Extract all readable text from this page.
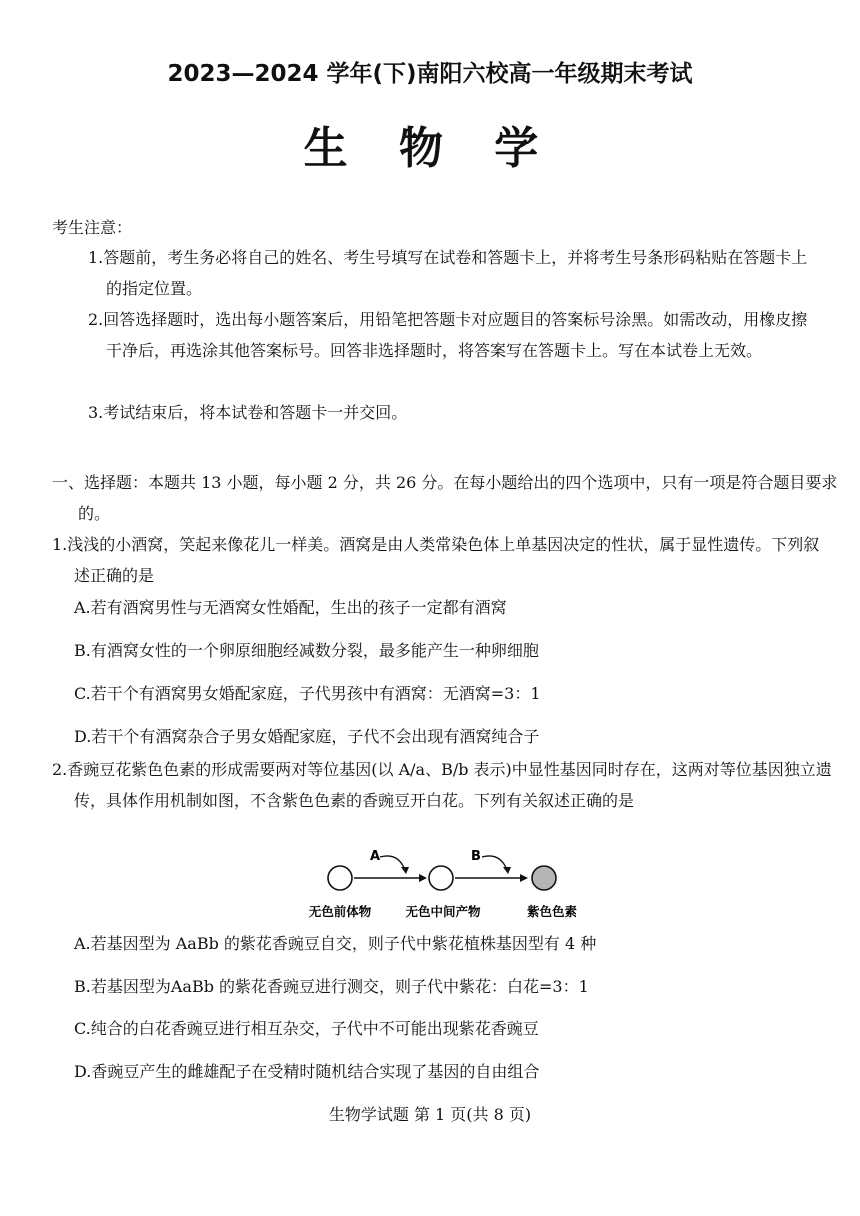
2023—2024 学年(下)南阳六校高一年级期末考试
生 物 学
考生注意：
1.答题前，考生务必将自己的姓名、考生号填写在试卷和答题卡上，并将考生号条形码粘贴在答题卡上的指定位置。
2.回答选择题时，选出每小题答案后，用铅笔把答题卡对应题目的答案标号涂黑。如需改动，用橡皮擦干净后，再选涂其他答案标号。回答非选择题时，将答案写在答题卡上。写在本试卷上无效。
3.考试结束后，将本试卷和答题卡一并交回。
一、选择题：本题共 13 小题，每小题 2 分，共 26 分。在每小题给出的四个选项中，只有一项是符合题目要求的。
1.浅浅的小酒窝，笑起来像花儿一样美。酒窝是由人类常染色体上单基因决定的性状，属于显性遗传。下列叙述正确的是
A.若有酒窝男性与无酒窝女性婚配，生出的孩子一定都有酒窝
B.有酒窝女性的一个卵原细胞经减数分裂，最多能产生一种卵细胞
C.若干个有酒窝男女婚配家庭，子代男孩中有酒窝：无酒窝=3：1
D.若干个有酒窝杂合子男女婚配家庭，子代不会出现有酒窝纯合子
2.香豌豆花紫色色素的形成需要两对等位基因(以 A/a、B/b 表示)中显性基因同时存在，这两对等位基因独立遗传，具体作用机制如图，不含紫色色素的香豌豆开白花。下列有关叙述正确的是
A	B
无色前体物	无色中间产物	紫色色素
A.若基因型为 AaBb 的紫花香豌豆自交，则子代中紫花植株基因型有 4 种
B.若基因型为AaBb 的紫花香豌豆进行测交，则子代中紫花：白花=3：1
C.纯合的白花香豌豆进行相互杂交，子代中不可能出现紫花香豌豆
D.香豌豆产生的雌雄配子在受精时随机结合实现了基因的自由组合
生物学试题 第 1 页(共 8 页)
